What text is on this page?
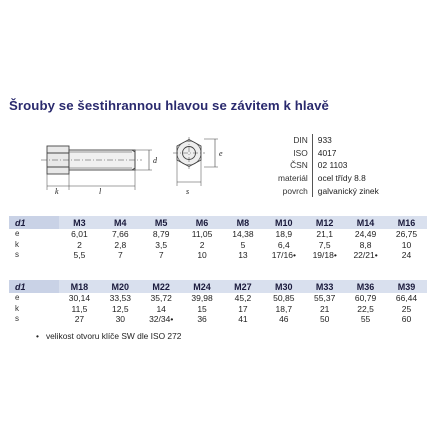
Šrouby se šestihrannou hlavou se závitem k hlavě
k	l
d
s
e
DIN	933
ISO	4017
ČSN	02 1103
materiál	ocel třídy 8.8
povrch	galvanický zinek
d1	M3	M4	M5	M6	M8	M10	M12	M14	M16
e	6,01	7,66	8,79	11,05	14,38	18,9	21,1	24,49	26,75
k	2	2,8	3,5	2	5	6,4	7,5	8,8	10
s	5,5	7	7	10	13	17/16•	19/18•	22/21•	24
d1	M18	M20	M22	M24	M27	M30	M33	M36	M39
e	30,14	33,53	35,72	39,98	45,2	50,85	55,37	60,79	66,44
k	11,5	12,5	14	15	17	18,7	21	22,5	25
s	27	30	32/34•	36	41	46	50	55	60
• velikost otvoru klíče SW dle ISO 272
